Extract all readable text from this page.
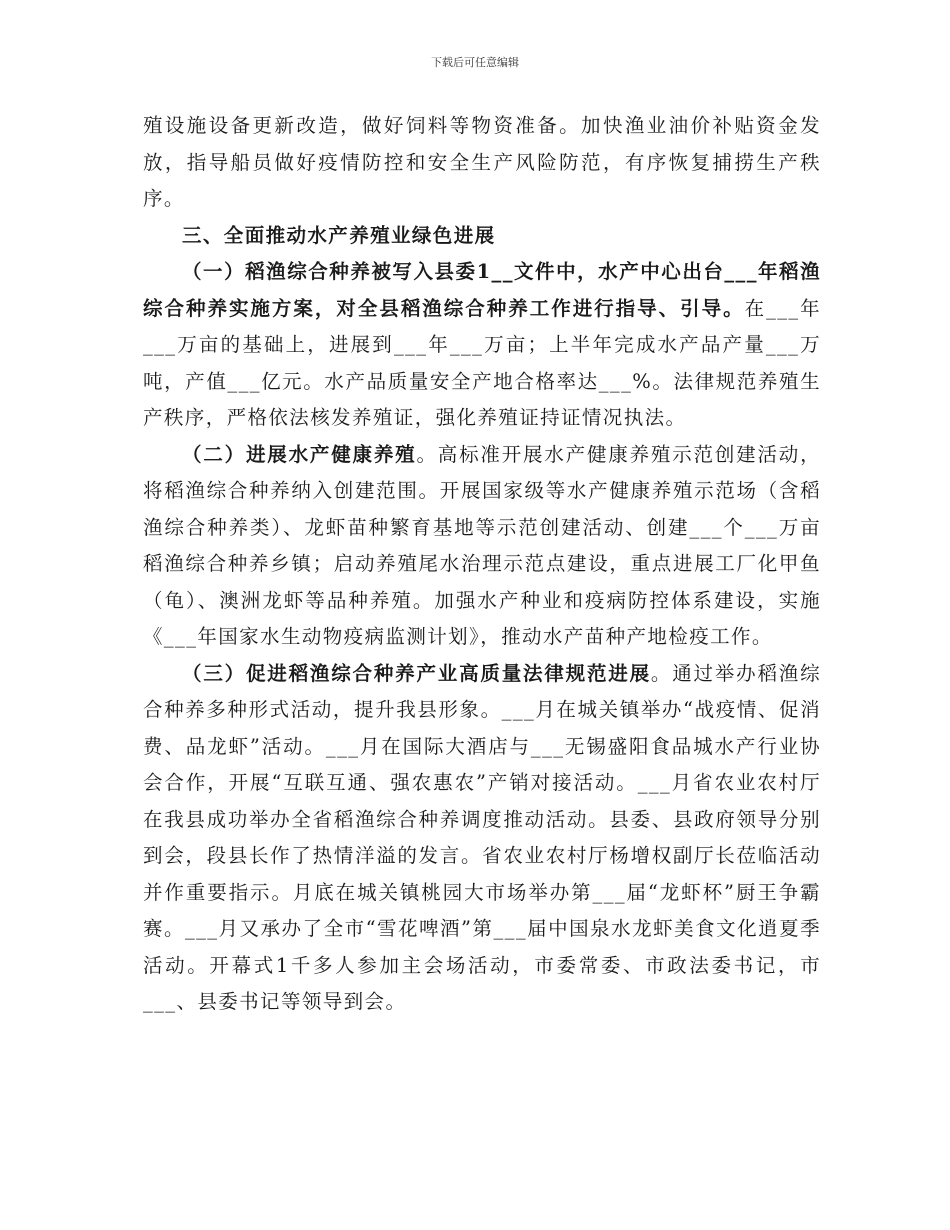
下载后可任意编辑

殖设施设备更新改造，做好饲料等物资准备。加快渔业油价补贴资金发放，指导船员做好疫情防控和安全生产风险防范，有序恢复捕捞生产秩序。

三、全面推动水产养殖业绿色进展

（一）稻渔综合种养被写入县委1__文件中，水产中心出台___年稻渔综合种养实施方案，对全县稻渔综合种养工作进行指导、引导。在___年___万亩的基础上，进展到___年___万亩；上半年完成水产品产量___万吨，产值___亿元。水产品质量安全产地合格率达___%。法律规范养殖生产秩序，严格依法核发养殖证，强化养殖证持证情况执法。

（二）进展水产健康养殖。高标准开展水产健康养殖示范创建活动，将稻渔综合种养纳入创建范围。开展国家级等水产健康养殖示范场（含稻渔综合种养类）、龙虾苗种繁育基地等示范创建活动、创建___个___万亩稻渔综合种养乡镇；启动养殖尾水治理示范点建设，重点进展工厂化甲鱼（龟）、澳洲龙虾等品种养殖。加强水产种业和疫病防控体系建设，实施《___年国家水生动物疫病监测计划》，推动水产苗种产地检疫工作。

（三）促进稻渔综合种养产业高质量法律规范进展。通过举办稻渔综合种养多种形式活动，提升我县形象。___月在城关镇举办“战疫情、促消费、品龙虾”活动。___月在国际大酒店与___无锡盛阳食品城水产行业协会合作，开展“互联互通、强农惠农”产销对接活动。___月省农业农村厅在我县成功举办全省稻渔综合种养调度推动活动。县委、县政府领导分别到会，段县长作了热情洋溢的发言。省农业农村厅杨增权副厅长莅临活动并作重要指示。月底在城关镇桃园大市场举办第___届“龙虾杯”厨王争霸赛。___月又承办了全市“雪花啤酒”第___届中国泉水龙虾美食文化逍夏季活动。开幕式1千多人参加主会场活动，市委常委、市政法委书记，市___、县委书记等领导到会。
